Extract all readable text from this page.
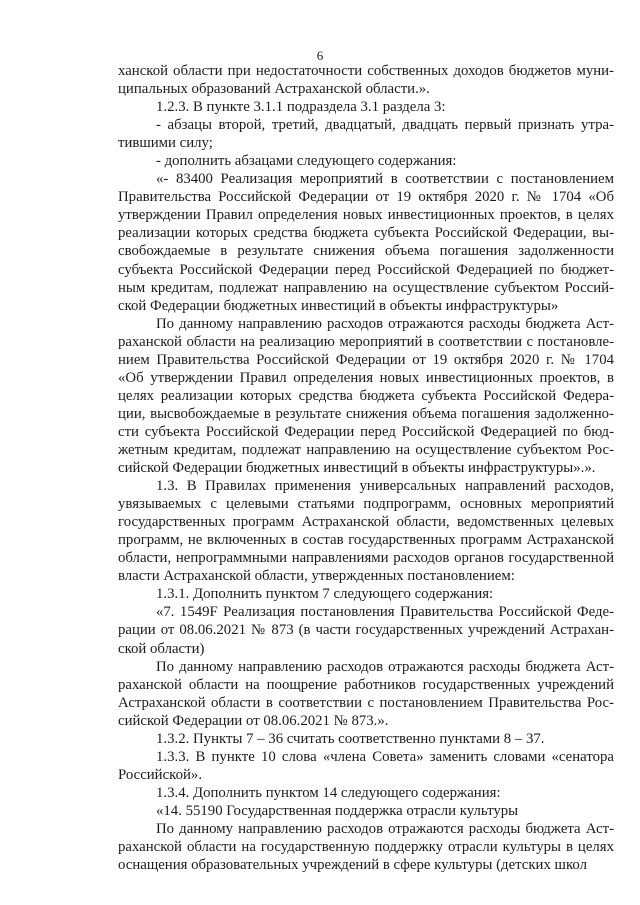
6
ханской области при недостаточности собственных доходов бюджетов муни-
ципальных образований Астраханской области.».
1.2.3. В пункте 3.1.1 подраздела 3.1 раздела 3:
- абзацы второй, третий, двадцатый, двадцать первый признать утра-
тившими силу;
- дополнить абзацами следующего содержания:
«- 83400 Реализация мероприятий в соответствии с постановлением
Правительства Российской Федерации от 19 октября 2020 г. № 1704 «Об
утверждении Правил определения новых инвестиционных проектов, в целях
реализации которых средства бюджета субъекта Российской Федерации, вы-
свобождаемые в результате снижения объема погашения задолженности
субъекта Российской Федерации перед Российской Федерацией по бюджет-
ным кредитам, подлежат направлению на осуществление субъектом Россий-
ской Федерации бюджетных инвестиций в объекты инфраструктуры»
По данному направлению расходов отражаются расходы бюджета Аст-
раханской области на реализацию мероприятий в соответствии с постановле-
нием Правительства Российской Федерации от 19 октября 2020 г. № 1704
«Об утверждении Правил определения новых инвестиционных проектов, в
целях реализации которых средства бюджета субъекта Российской Федера-
ции, высвобождаемые в результате снижения объема погашения задолженно-
сти субъекта Российской Федерации перед Российской Федерацией по бюд-
жетным кредитам, подлежат направлению на осуществление субъектом Рос-
сийской Федерации бюджетных инвестиций в объекты инфраструктуры».».
1.3. В Правилах применения универсальных направлений расходов,
увязываемых с целевыми статьями подпрограмм, основных мероприятий
государственных программ Астраханской области, ведомственных целевых
программ, не включенных в состав государственных программ Астраханской
области, непрограммными направлениями расходов органов государственной
власти Астраханской области, утвержденных постановлением:
1.3.1. Дополнить пунктом 7 следующего содержания:
«7. 1549F Реализация постановления Правительства Российской Феде-
рации от 08.06.2021 № 873 (в части государственных учреждений Астрахан-
ской области)
По данному направлению расходов отражаются расходы бюджета Аст-
раханской области на поощрение работников государственных учреждений
Астраханской области в соответствии с постановлением Правительства Рос-
сийской Федерации от 08.06.2021 № 873.».
1.3.2. Пункты 7 – 36 считать соответственно пунктами 8 – 37.
1.3.3. В пункте 10 слова «члена Совета» заменить словами «сенатора
Российской».
1.3.4. Дополнить пунктом 14 следующего содержания:
«14. 55190 Государственная поддержка отрасли культуры
По данному направлению расходов отражаются расходы бюджета Аст-
раханской области на государственную поддержку отрасли культуры в целях
оснащения образовательных учреждений в сфере культуры (детских школ
